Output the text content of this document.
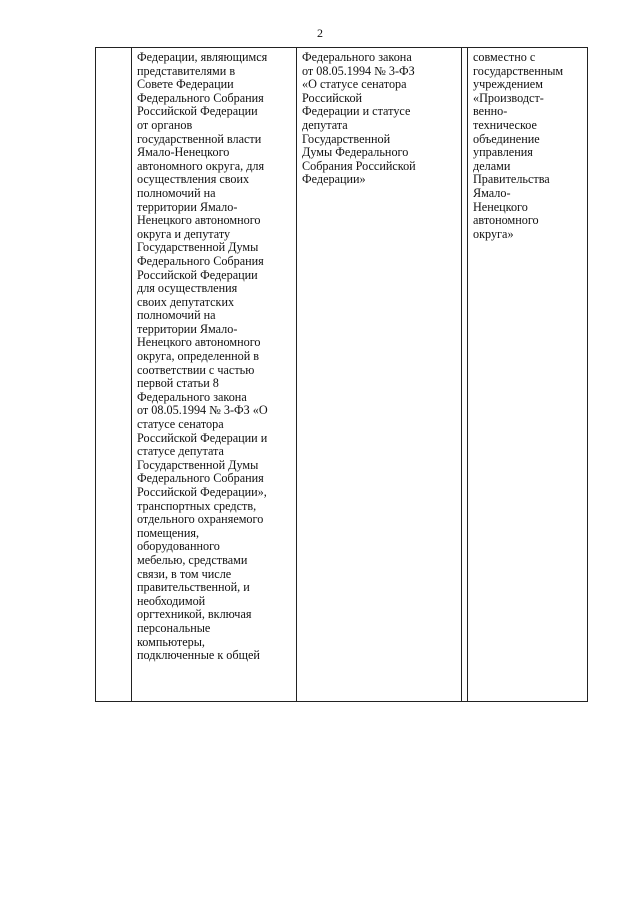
2

Федерации, являющимся
представителями в
Совете Федерации
Федерального Собрания
Российской Федерации
от органов
государственной власти
Ямало-Ненецкого
автономного округа, для
осуществления своих
полномочий на
территории Ямало-
Ненецкого автономного
округа и депутату
Государственной Думы
Федерального Собрания
Российской Федерации
для осуществления
своих депутатских
полномочий на
территории Ямало-
Ненецкого автономного
округа, определенной в
соответствии с частью
первой статьи 8
Федерального закона
от 08.05.1994 № 3-ФЗ «О
статусе сенатора
Российской Федерации и
статусе депутата
Государственной Думы
Федерального Собрания
Российской Федерации»,
транспортных средств,
отдельного охраняемого
помещения,
оборудованного
мебелью, средствами
связи, в том числе
правительственной, и
необходимой
оргтехникой, включая
персональные
компьютеры,
подключенные к общей

Федерального закона
от 08.05.1994 № 3-ФЗ
«О статусе сенатора
Российской
Федерации и статусе
депутата
Государственной
Думы Федерального
Собрания Российской
Федерации»

совместно с
государственным
учреждением
«Производст-
венно-
техническое
объединение
управления
делами
Правительства
Ямало-
Ненецкого
автономного
округа»
